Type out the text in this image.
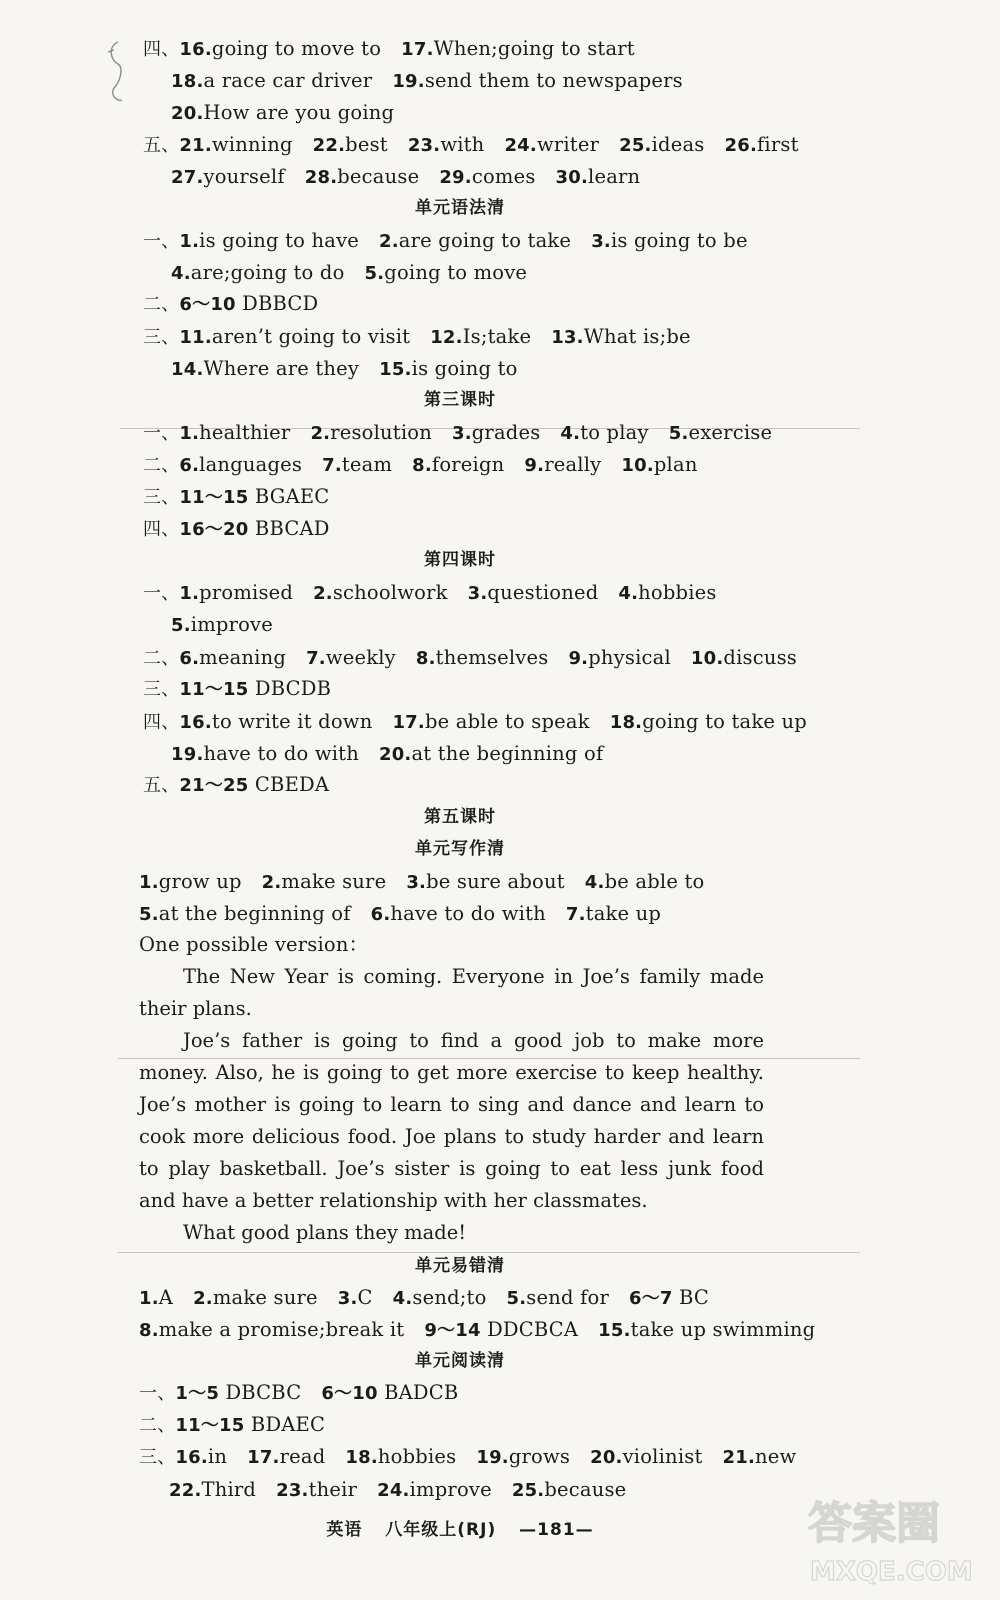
四、16.going to move to 17.When;going to start
18.a race car driver 19.send them to newspapers
20.How are you going
五、21.winning 22.best 23.with 24.writer 25.ideas 26.first
27.yourself 28.because 29.comes 30.learn
单元语法清
一、1.is going to have 2.are going to take 3.is going to be
4.are;going to do 5.going to move
二、6～10 DBBCD
三、11.aren’t going to visit 12.Is;take 13.What is;be
14.Where are they 15.is going to
第三课时
一、1.healthier 2.resolution 3.grades 4.to play 5.exercise
二、6.languages 7.team 8.foreign 9.really 10.plan
三、11～15 BGAEC
四、16～20 BBCAD
第四课时
一、1.promised 2.schoolwork 3.questioned 4.hobbies
5.improve
二、6.meaning 7.weekly 8.themselves 9.physical 10.discuss
三、11～15 DBCDB
四、16.to write it down 17.be able to speak 18.going to take up
19.have to do with 20.at the beginning of
五、21～25 CBEDA
第五课时
单元写作清
1.grow up 2.make sure 3.be sure about 4.be able to
5.at the beginning of 6.have to do with 7.take up
One possible version：
The New Year is coming. Everyone in Joe’s family made their plans.
Joe’s father is going to find a good job to make more money. Also, he is going to get more exercise to keep healthy. Joe’s mother is going to learn to sing and dance and learn to cook more delicious food. Joe plans to study harder and learn to play basketball. Joe’s sister is going to eat less junk food and have a better relationship with her classmates.
What good plans they made!
单元易错清
1.A 2.make sure 3.C 4.send;to 5.send for 6～7 BC
8.make a promise;break it 9～14 DDCBCA 15.take up swimming
单元阅读清
一、1～5 DBCBC 6～10 BADCB
二、11～15 BDAEC
三、16.in 17.read 18.hobbies 19.grows 20.violinist 21.new
22.Third 23.their 24.improve 25.because
英语 八年级上(RJ) —181—	答案圈
MXQE.COM
